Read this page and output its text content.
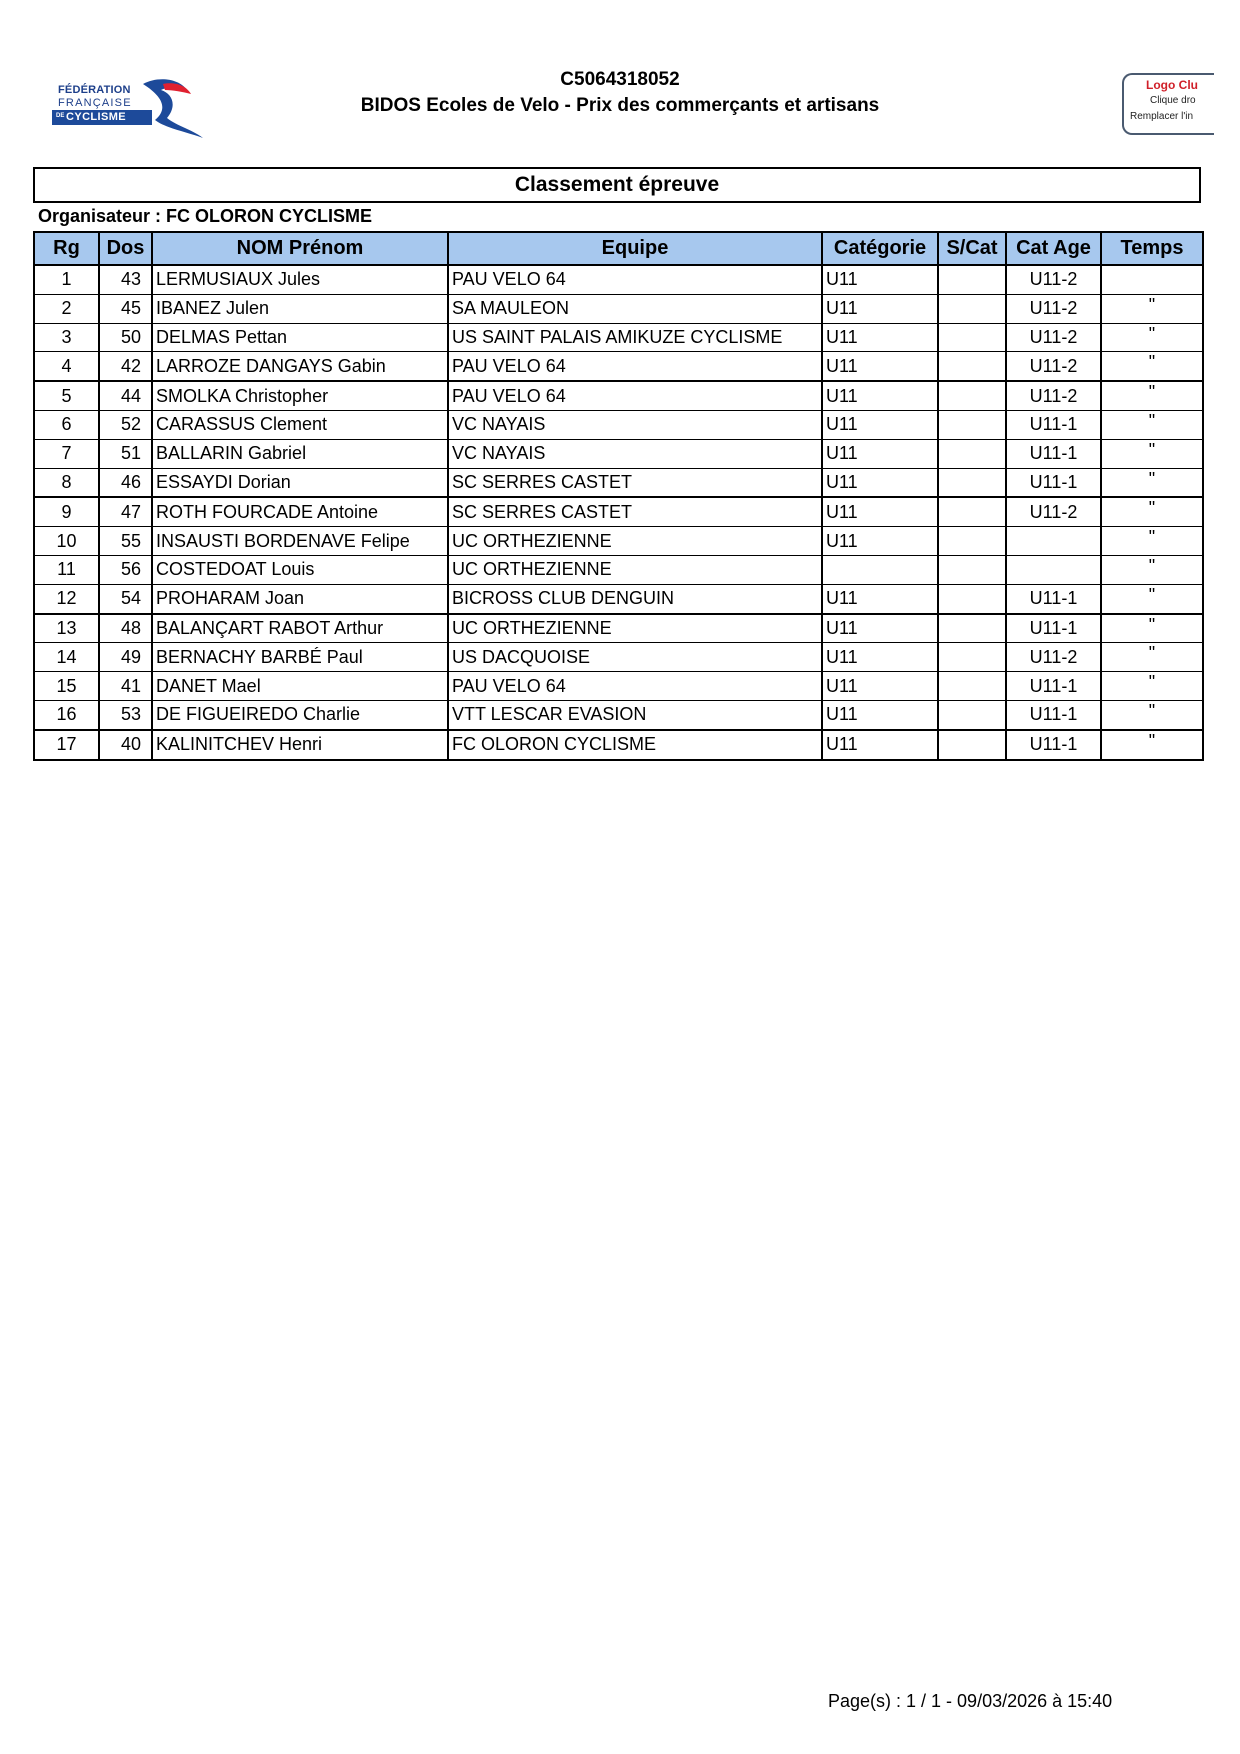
FÉDÉRATION
FRANÇAISE
DE CYCLISME
Logo Clu
Clique dro
Remplacer l'in
C5064318052
BIDOS Ecoles de Velo - Prix des commerçants et artisans
Classement épreuve
Organisateur : FC OLORON CYCLISME
Rg	Dos	NOM Prénom	Equipe	Catégorie	S/Cat	Cat Age	Temps
1	43	LERMUSIAUX Jules	PAU VELO 64	U11		U11-2	
2	45	IBANEZ Julen	SA MAULEON	U11		U11-2	"
3	50	DELMAS Pettan	US SAINT PALAIS AMIKUZE CYCLISME	U11		U11-2	"
4	42	LARROZE DANGAYS Gabin	PAU VELO 64	U11		U11-2	"
5	44	SMOLKA Christopher	PAU VELO 64	U11		U11-2	"
6	52	CARASSUS Clement	VC NAYAIS	U11		U11-1	"
7	51	BALLARIN Gabriel	VC NAYAIS	U11		U11-1	"
8	46	ESSAYDI Dorian	SC SERRES CASTET	U11		U11-1	"
9	47	ROTH FOURCADE Antoine	SC SERRES CASTET	U11		U11-2	"
10	55	INSAUSTI BORDENAVE Felipe	UC ORTHEZIENNE	U11			"
11	56	COSTEDOAT Louis	UC ORTHEZIENNE				"
12	54	PROHARAM Joan	BICROSS CLUB DENGUIN	U11		U11-1	"
13	48	BALANÇART RABOT Arthur	UC ORTHEZIENNE	U11		U11-1	"
14	49	BERNACHY BARBÉ Paul	US DACQUOISE	U11		U11-2	"
15	41	DANET Mael	PAU VELO 64	U11		U11-1	"
16	53	DE FIGUEIREDO Charlie	VTT LESCAR EVASION	U11		U11-1	"
17	40	KALINITCHEV Henri	FC OLORON CYCLISME	U11		U11-1	"
Page(s) : 1 / 1 - 09/03/2026 à 15:40
